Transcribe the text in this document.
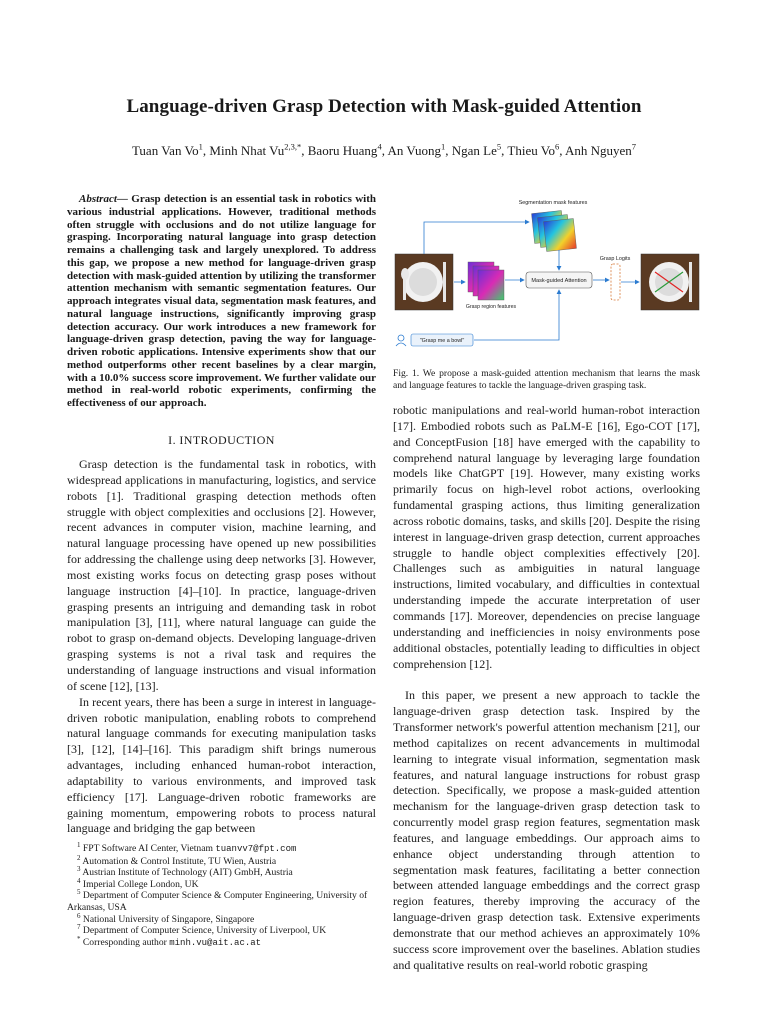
Language-driven Grasp Detection with Mask-guided Attention
Tuan Van Vo$^1$, Minh Nhat $Vu^{2,3,*}$, Baoru Huang$^4$, An Vuong$^1$, Ngan Le$^5$, Thieu Vo$^6$, Anh Nguyen$^7$

Abstract— Grasp detection is an essential task in robotics with various industrial applications. However, traditional methods often struggle with occlusions and do not utilize language for grasping. Incorporating natural language into grasp detection remains a challenging task and largely unexplored. To address this gap, we propose a new method for language-driven grasp detection with mask-guided attention by utilizing the transformer attention mechanism with semantic segmentation features. Our approach integrates visual data, segmentation mask features, and natural language instructions, significantly improving grasp detection accuracy. Our work introduces a new framework for language-driven grasp detection, paving the way for language-driven robotic applications. Intensive experiments show that our method outperforms other recent baselines by a clear margin, with a 10.0% success score improvement. We further validate our method in real-world robotic experiments, confirming the effectiveness of our approach.

I. INTRODUCTION

Grasp detection is the fundamental task in robotics, with widespread applications in manufacturing, logistics, and service robots [1]. Traditional grasping detection methods often struggle with object complexities and occlusions [2]. However, recent advances in computer vision, machine learning, and natural language processing have opened up new possibilities for addressing the challenge using deep networks [3]. However, most existing works focus on detecting grasp poses without language instruction [4]–[10]. In practice, language-driven grasping presents an intriguing and demanding task in robot manipulation [3], [11], where natural language can guide the robot to grasp on-demand objects. Developing language-driven grasping systems is not a rival task and requires the understanding of language instructions and visual information of scene [12], [13].

In recent years, there has been a surge in interest in language-driven robotic manipulation, enabling robots to comprehend natural language commands for executing manipulation tasks [3], [12], [14]–[16]. This paradigm shift brings numerous advantages, including enhanced human-robot interaction, adaptability to various environments, and improved task efficiency [17]. Language-driven robotic frameworks are gaining momentum, empowering robots to process natural language and bridging the gap between

$^1$ FPT Software AI Center, Vietnam tuanvv7@fpt.com

$^2$ Automation & Control Institute, TU Wien, Austria

$^3$ Austrian Institute of Technology (AIT) GmbH, Austria

$^4$ Imperial College London, UK

$^5$ Department of Computer Science & Computer Engineering, University of Arkansas, USA

$^6$ National University of Singapore, Singapore

$^7$ Department of Computer Science, University of Liverpool, UK

* Corresponding author minh.vu@ait.ac.at

Segmentation mask features
Grasp region features
Mask-guided Attention
Grasp Logits
"Grasp me a bowl"
Fig. 1. We propose a mask-guided attention mechanism that learns the mask and language features to tackle the language-driven grasping task.

robotic manipulations and real-world human-robot interaction [17]. Embodied robots such as PaLM-E [16], Ego-COT [17], and ConceptFusion [18] have emerged with the capability to comprehend natural language by leveraging large foundation models like ChatGPT [19]. However, many existing works primarily focus on high-level robot actions, overlooking fundamental grasping actions, thus limiting generalization across robotic domains, tasks, and skills [20]. Despite the rising interest in language-driven grasp detection, current approaches struggle to handle object complexities effectively [20]. Challenges such as ambiguities in natural language instructions, limited vocabulary, and difficulties in contextual understanding impede the accurate interpretation of user commands [17]. Moreover, dependencies on precise language understanding and inefficiencies in noisy environments pose additional obstacles, potentially leading to difficulties in object comprehension [12].

In this paper, we present a new approach to tackle the language-driven grasp detection task. Inspired by the Transformer network's powerful attention mechanism [21], our method capitalizes on recent advancements in multimodal learning to integrate visual information, segmentation mask features, and natural language instructions for robust grasp detection. Specifically, we propose a mask-guided attention mechanism for the language-driven grasp detection task to concurrently model grasp region features, segmentation mask features, and language embeddings. Our approach aims to enhance object understanding through attention to segmentation mask features, facilitating a better connection between attended language embeddings and the correct grasp region features, thereby improving the accuracy of the language-driven grasp detection task. Extensive experiments demonstrate that our method achieves an approximately 10% success score improvement over the baselines. Ablation studies and qualitative results on real-world robotic grasping
